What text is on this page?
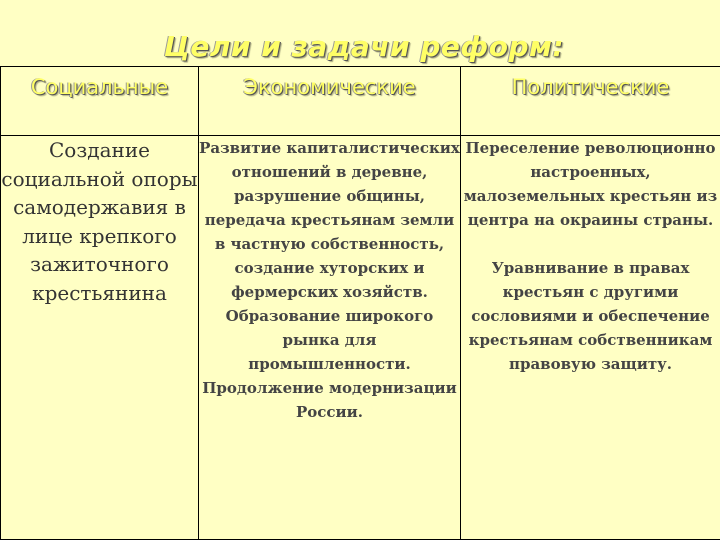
Цели и задачи реформ:
Социальные	Экономические	Политические

Создание социальной опоры самодержавия в лице крепкого зажиточного крестьянина	Развитие капиталистических отношений в деревне, разрушение общины, передача крестьянам земли в частную собственность, создание хуторских и фермерских хозяйств. Образование широкого рынка для промышленности. Продолжение модернизации России.	Переселение революционно настроенных, малоземельных крестьян из центра на окраины страны.
Уравнивание в правах крестьян с другими сословиями и обеспечение крестьянам собственникам правовую защиту.
